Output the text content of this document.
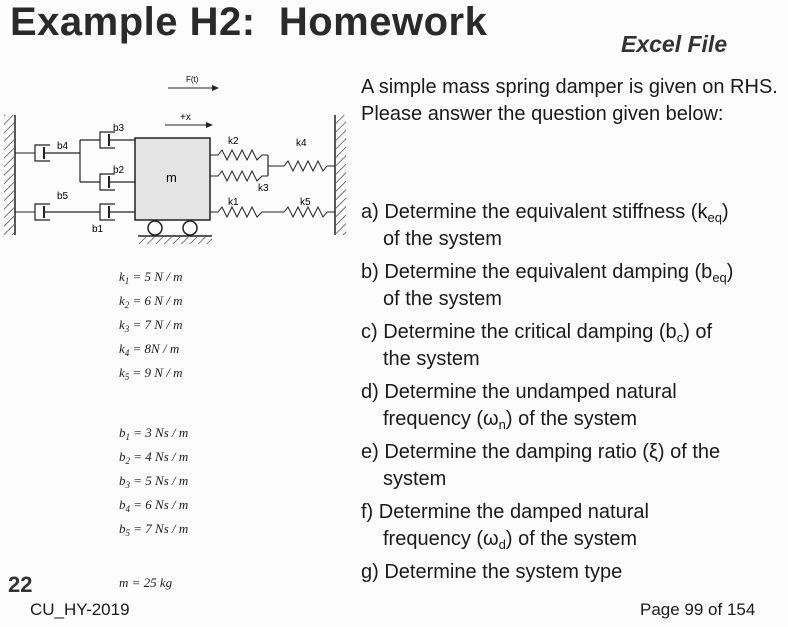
Example H2:  Homework	Excel File
A simple mass spring damper is given on RHS. Please answer the question given below:
a) Determine the equivalent stiffness $(k_{eq})$
of the system
b) Determine the equivalent damping $(b_{eq})$
of the system
c) Determine the critical damping $(b_c)$ of
the system
d) Determine the undamped natural
frequency $(\omega_n)$ of the system
e) Determine the damping ratio (ξ) of the
system
f) Determine the damped natural
frequency $(\omega_d)$ of the system
g) Determine the system type
F(t)
+x
m
b4
b5
b3
b2
b1
k2
k3
k4
k1	k5
$k_1 = 5$ N / m
$k_2 = 6$ N / m
$k_3 = 7$ N / m
$k_4 = 8N / m$
$k_5 = 9$ N / m
$b_1 = 3$ Ns / m
$b_2 = 4$ Ns / m
$b_3 = 5$ Ns / m
$b_4 = 6$ Ns / m
$b_5 = 7$ Ns / m
m = 25 kg
22
CU_HY-2019	Page 99 of 154
